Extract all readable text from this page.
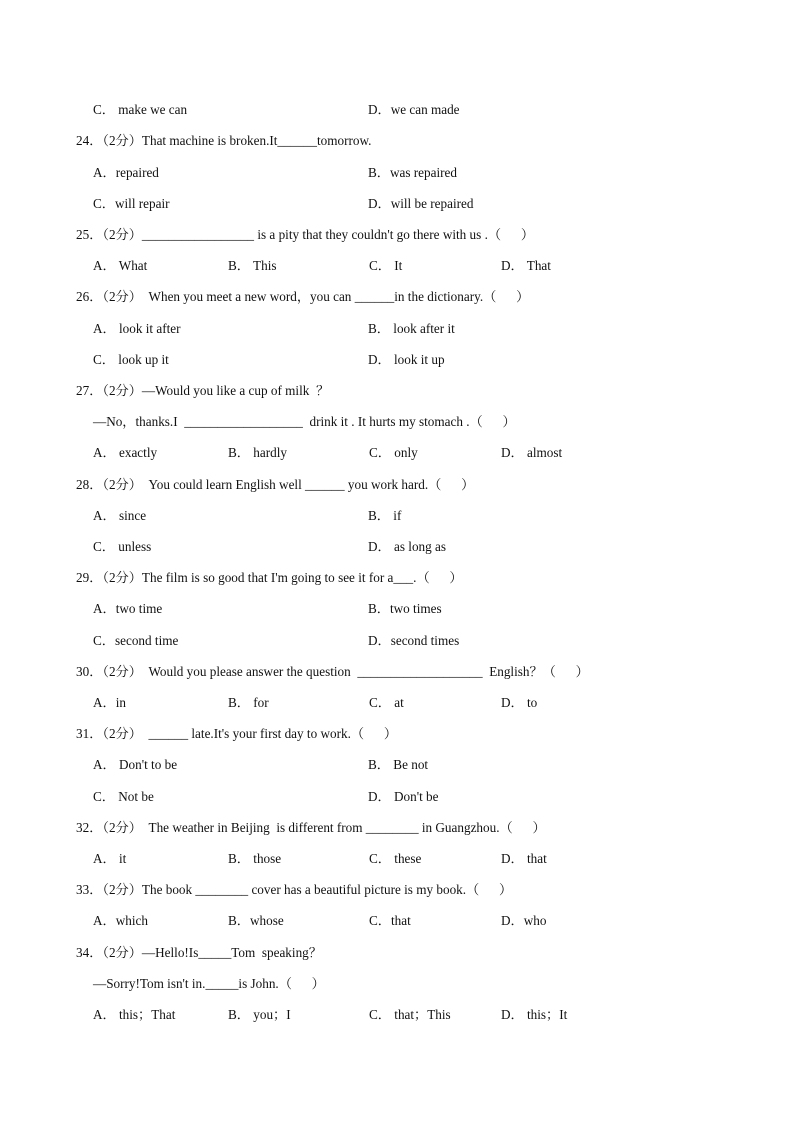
C． make we can

	D．we can made

24．（2分）That machine is broken.It______tomorrow.

A．repaired

	B．was repaired

C．will repair

	D．will be repaired

25．（2分）_________________ is a pity that they couldn't go there with us .（      ）

A． What

	B． This

	C． It

	D． That

26．（2分）  When you meet a new word，you can ______in the dictionary.（      ）

A． look it after

	B． look after it

C． look up it

	D． look it up

27．（2分）—Would you like a cup of milk  ？
—No，thanks.I  __________________  drink it . It hurts my stomach .（      ）

A． exactly

	B． hardly

	C． only

	D． almost

28．（2分）  You could learn English well ______ you work hard.（      ）

A． since

	B． if

C． unless

	D． as long as

29．（2分）The film is so good that I'm going to see it for a___.（      ）

A．two time

	B．two times

C．second time

	D．second times

30．（2分）  Would you please answer the question  ___________________  English？（      ）

A．in

	B． for

	C． at

	D． to

31．（2分）  ______ late.It's your first day to work.（      ）

A． Don't to be

	B． Be not

C． Not be

	D． Don't be

32．（2分）  The weather in Beijing  is different from ________ in Guangzhou.（      ）

A． it

	B． those

	C． these

	D． that

33．（2分）The book ________ cover has a beautiful picture is my book.（      ）

A．which

	B．whose

	C．that

	D．who

34．（2分）—Hello!Is_____Tom  speaking？
—Sorry!Tom isn't in._____is John.（      ）

A． this；That

	B． you；I

	C． that；This

	D． this；It
